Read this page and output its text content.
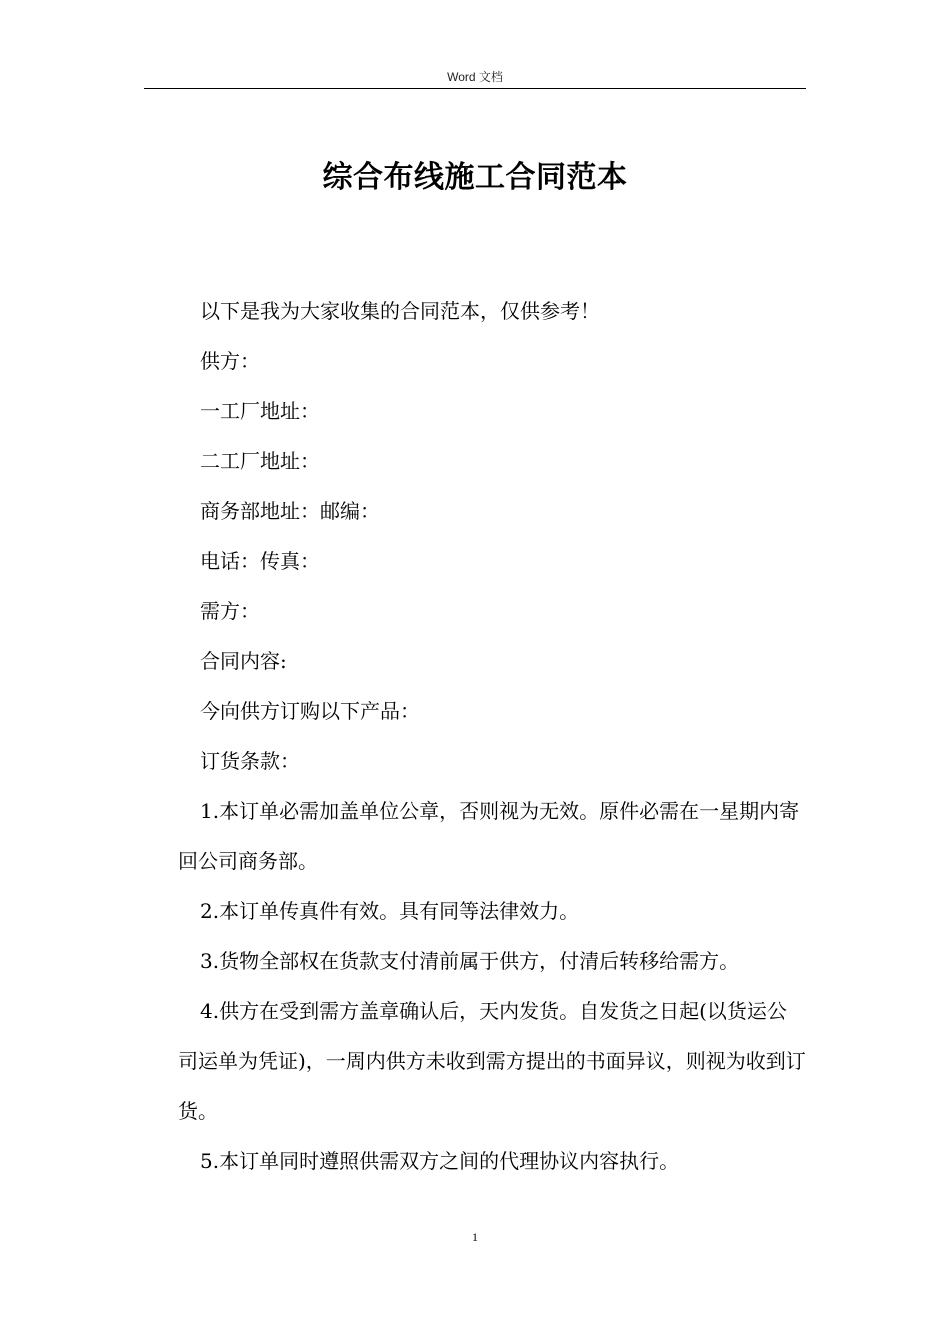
Word 文档
综合布线施工合同范本

以下是我为大家收集的合同范本，仅供参考！

供方：

一工厂地址：

二工厂地址：

商务部地址：邮编：

电话：传真：

需方：

合同内容:

今向供方订购以下产品：

订货条款：

1.本订单必需加盖单位公章，否则视为无效。原件必需在一星期内寄回公司商务部。

2.本订单传真件有效。具有同等法律效力。

3.货物全部权在货款支付清前属于供方，付清后转移给需方。

4.供方在受到需方盖章确认后，天内发货。自发货之日起(以货运公司运单为凭证)，一周内供方未收到需方提出的书面异议，则视为收到订货。

5.本订单同时遵照供需双方之间的代理协议内容执行。

1
